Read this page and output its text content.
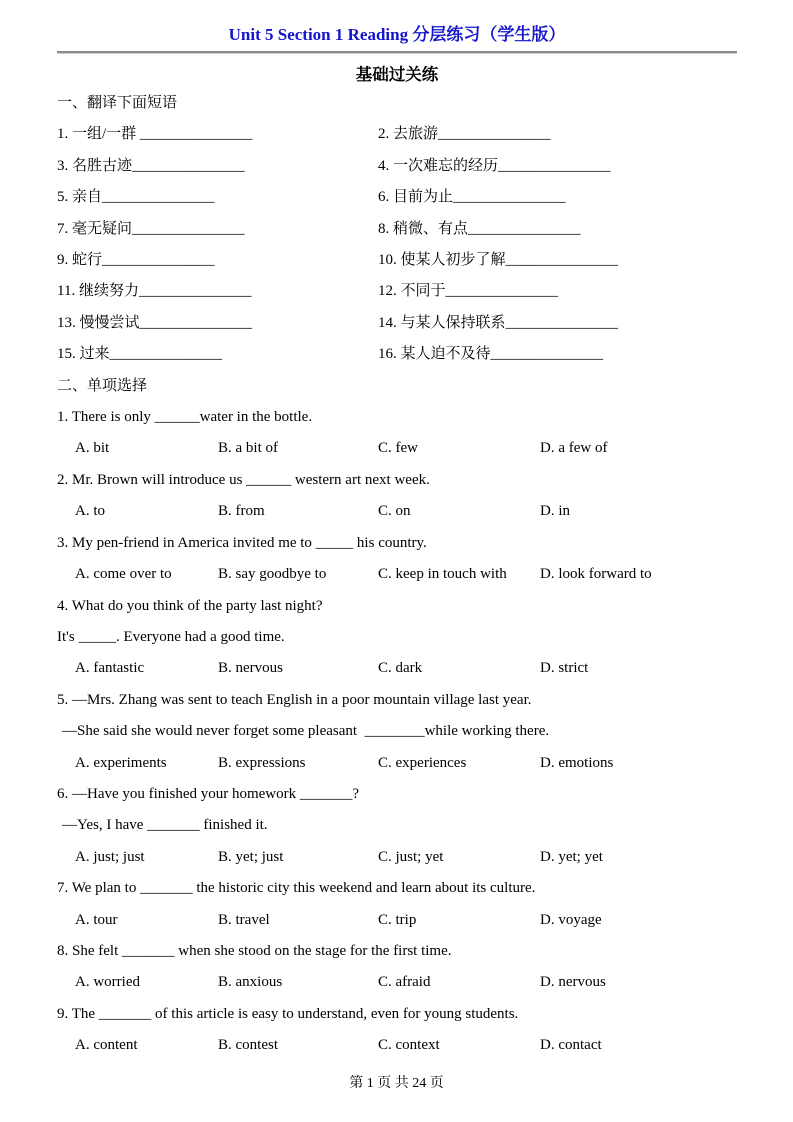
Unit 5 Section 1 Reading 分层练习（学生版）
基础过关练
一、翻译下面短语
1. 一组/一群 _______________	2. 去旅游_______________
3. 名胜古迹_______________	4. 一次难忘的经历_______________
5. 亲自_______________	6. 目前为止_______________
7. 毫无疑问_______________	8. 稍微、有点_______________
9. 蛇行_______________	10. 使某人初步了解_______________
11. 继续努力_______________	12. 不同于_______________
13. 慢慢尝试_______________	14. 与某人保持联系_______________
15. 过来_______________	16. 某人迫不及待_______________
二、单项选择
1. There is only ______water in the bottle.
A. bit	B. a bit of	C. few	D. a few of
2. Mr. Brown will introduce us ______ western art next week.
A. to	B. from	C. on	D. in
3. My pen-friend in America invited me to _____ his country.
A. come over to	B. say goodbye to	C. keep in touch with	D. look forward to
4. What do you think of the party last night?
It's _____. Everyone had a good time.
A. fantastic	B. nervous	C. dark	D. strict
5. —Mrs. Zhang was sent to teach English in a poor mountain village last year.
—She said she would never forget some pleasant  ________while working there.
A. experiments	B. expressions	C. experiences	D. emotions
6. —Have you finished your homework _______?
—Yes, I have _______ finished it.
A. just; just	B. yet; just	C. just; yet	D. yet; yet
7. We plan to _______ the historic city this weekend and learn about its culture.
A. tour	B. travel	C. trip	D. voyage
8. She felt _______ when she stood on the stage for the first time.
A. worried	B. anxious	C. afraid	D. nervous
9. The _______ of this article is easy to understand, even for young students.
A. content	B. contest	C. context	D. contact
第 1 页 共 24 页
